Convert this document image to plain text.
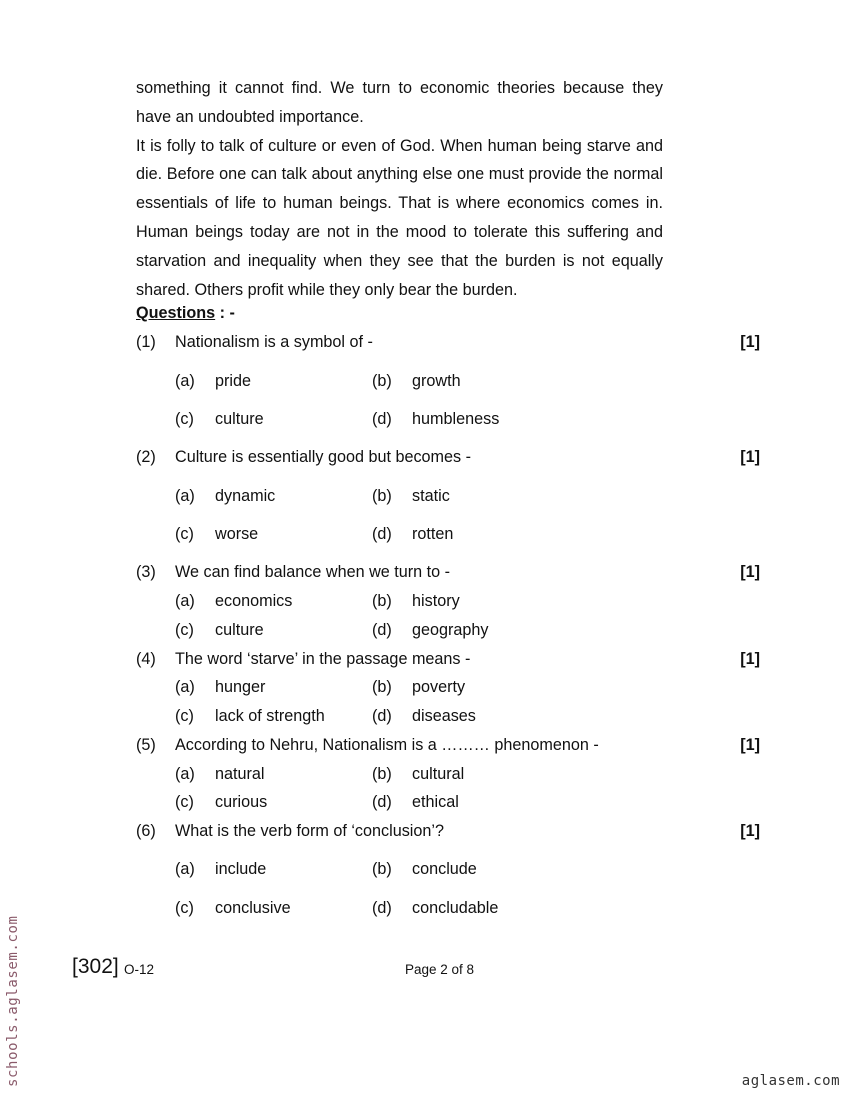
something it cannot find. We turn to economic theories because they have an undoubted importance.

It is folly to talk of culture or even of God. When human being starve and die. Before one can talk about anything else one must provide the normal essentials of life to human beings. That is where economics comes in. Human beings today are not in the mood to tolerate this suffering and starvation and inequality when they see that the burden is not equally shared. Others profit while they only bear the burden.

Questions : -
(1) Nationalism is a symbol of -	[1]
(a) pride	(b) growth
(c) culture	(d) humbleness
(2) Culture is essentially good but becomes -	[1]
(a) dynamic	(b) static
(c) worse	(d) rotten
(3) We can find balance when we turn to -	[1]
(a) economics	(b) history
(c) culture	(d) geography
(4) The word ‘starve’ in the passage means -	[1]
(a) hunger	(b) poverty
(c) lack of strength	(d) diseases
(5) According to Nehru, Nationalism is a ……… phenomenon -	[1]
(a) natural	(b) cultural
(c) curious	(d) ethical
(6) What is the verb form of ‘conclusion’?	[1]
(a) include	(b) conclude
(c) conclusive	(d) concludable
[302] O-12	Page 2 of 8
schools.aglasem.com	aglasem.com
